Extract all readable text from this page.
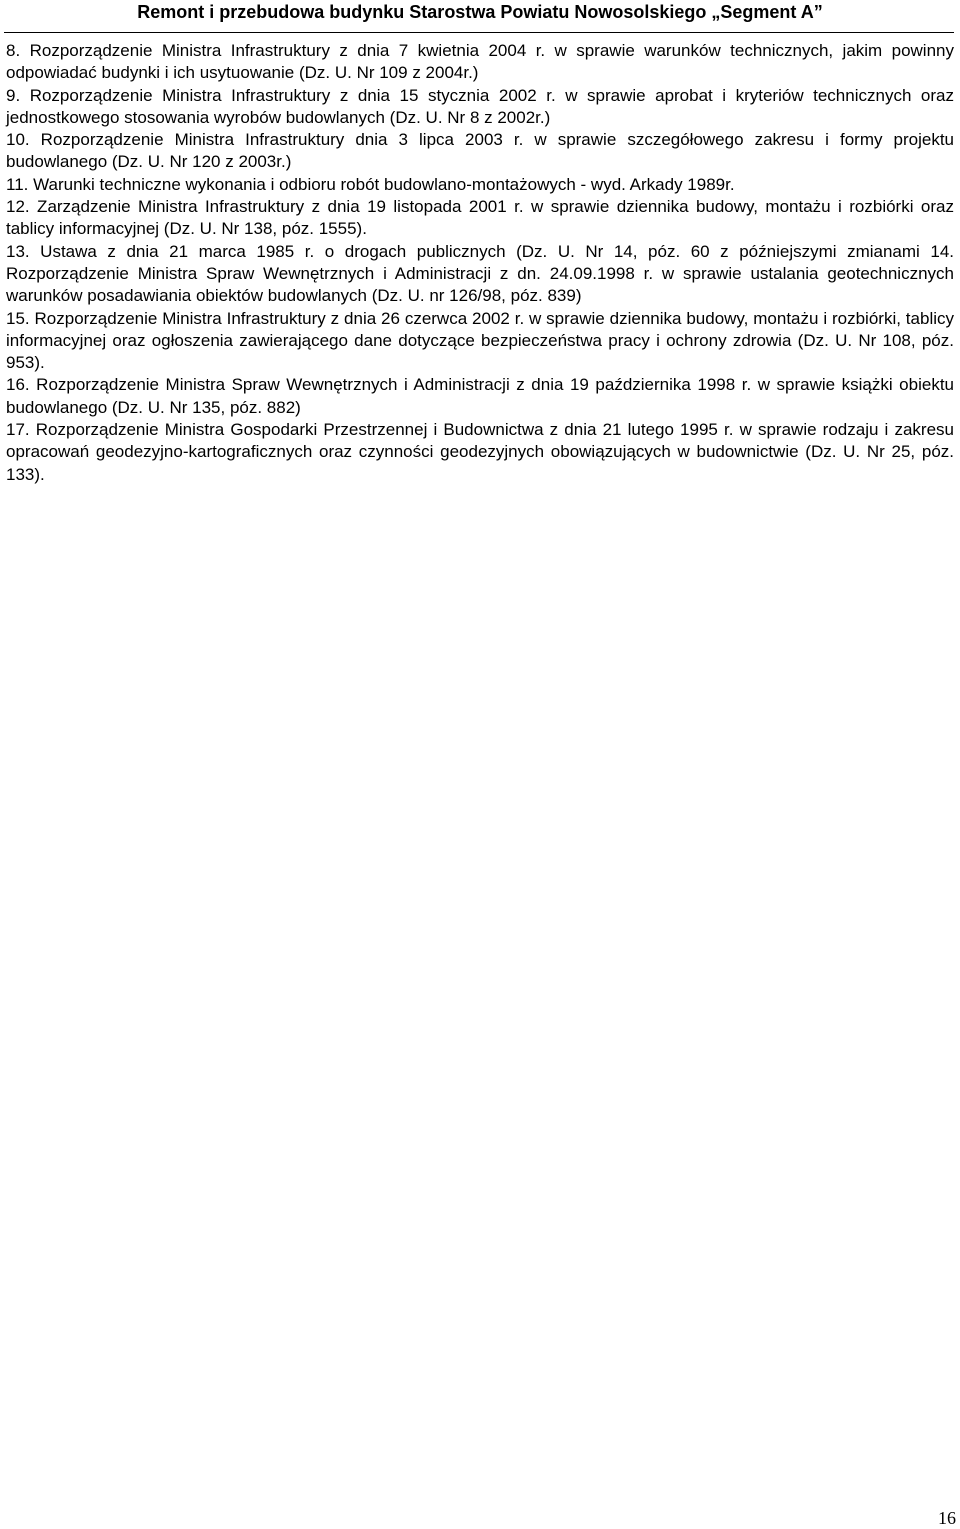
Remont i przebudowa budynku Starostwa Powiatu Nowosolskiego „Segment A”

8. Rozporządzenie Ministra Infrastruktury z dnia 7 kwietnia 2004 r. w sprawie warunków technicznych, jakim powinny odpowiadać budynki i ich usytuowanie (Dz. U. Nr 109 z 2004r.)

9. Rozporządzenie Ministra Infrastruktury z dnia 15 stycznia 2002 r. w sprawie aprobat i kryteriów technicznych oraz jednostkowego stosowania wyrobów budowlanych (Dz. U. Nr 8 z 2002r.)

10. Rozporządzenie Ministra Infrastruktury dnia 3 lipca 2003 r. w sprawie szczegółowego zakresu i formy projektu budowlanego (Dz. U. Nr 120 z 2003r.)

11. Warunki techniczne wykonania i odbioru robót budowlano-montażowych - wyd. Arkady 1989r.

12. Zarządzenie Ministra Infrastruktury z dnia 19 listopada 2001 r. w sprawie dziennika budowy, montażu i rozbiórki oraz tablicy informacyjnej (Dz. U. Nr 138, póz. 1555).

13. Ustawa z dnia 21 marca 1985 r. o drogach publicznych (Dz. U. Nr 14, póz. 60 z późniejszymi zmianami 14. Rozporządzenie Ministra Spraw Wewnętrznych i Administracji z dn. 24.09.1998 r. w sprawie ustalania geotechnicznych warunków posadawiania obiektów budowlanych (Dz. U. nr 126/98, póz. 839)

15. Rozporządzenie Ministra Infrastruktury z dnia 26 czerwca 2002 r. w sprawie dziennika budowy, montażu i rozbiórki, tablicy informacyjnej oraz ogłoszenia zawierającego dane dotyczące bezpieczeństwa pracy i ochrony zdrowia (Dz. U. Nr 108, póz. 953).

16. Rozporządzenie Ministra Spraw Wewnętrznych i Administracji z dnia 19 października 1998 r. w sprawie książki obiektu budowlanego (Dz. U. Nr 135, póz. 882)

17. Rozporządzenie Ministra Gospodarki Przestrzennej i Budownictwa z dnia 21 lutego 1995 r. w sprawie rodzaju i zakresu opracowań geodezyjno-kartograficznych oraz czynności geodezyjnych obowiązujących w budownictwie (Dz. U. Nr 25, póz. 133).

16
